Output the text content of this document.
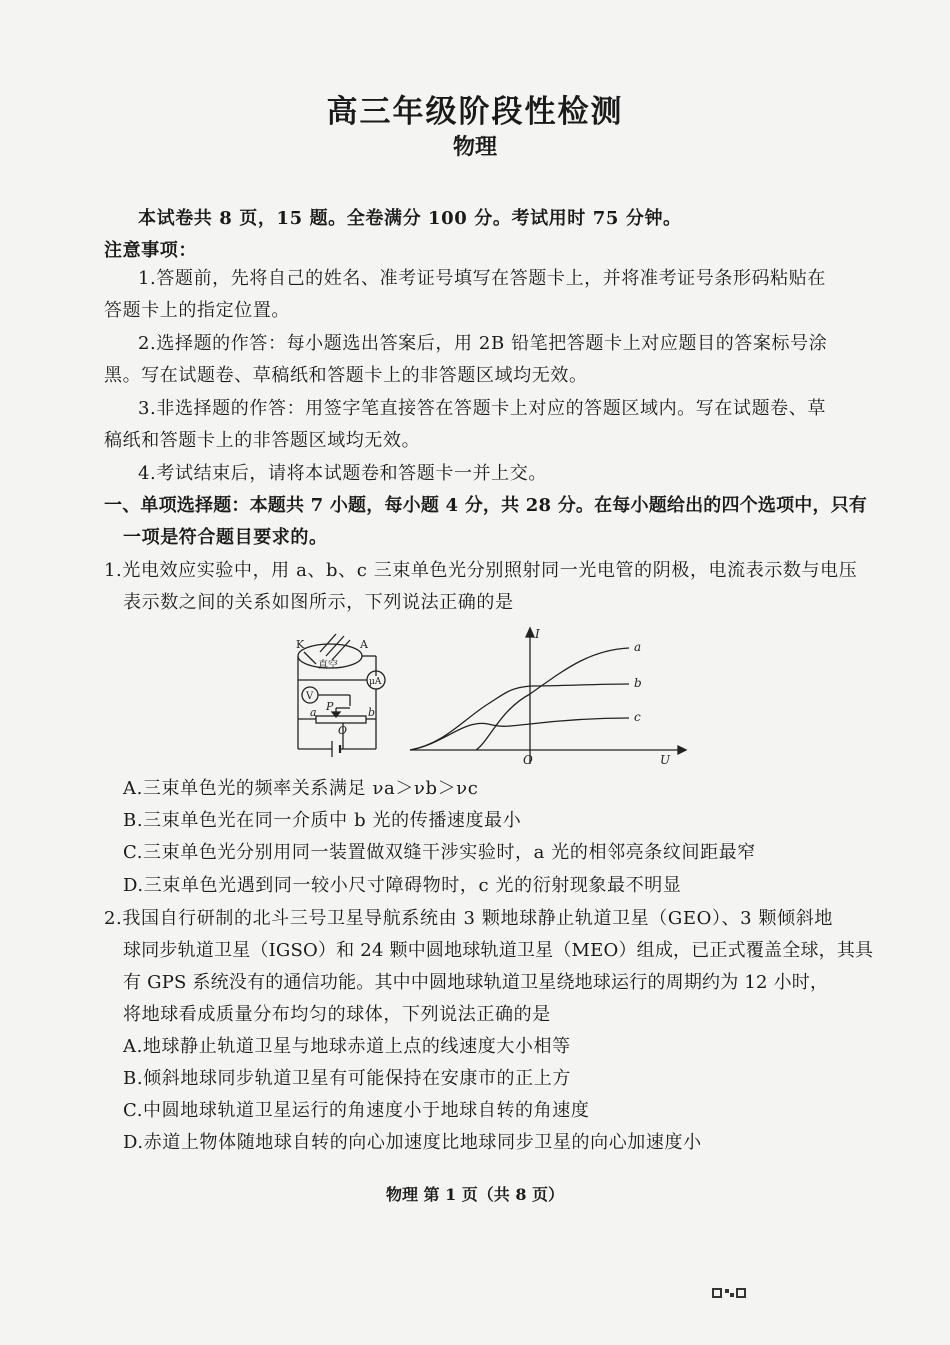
高三年级阶段性检测
物理
本试卷共 8 页，15 题。全卷满分 100 分。考试用时 75 分钟。
注意事项：
1.答题前，先将自己的姓名、准考证号填写在答题卡上，并将准考证号条形码粘贴在
答题卡上的指定位置。
2.选择题的作答：每小题选出答案后，用 2B 铅笔把答题卡上对应题目的答案标号涂
黑。写在试题卷、草稿纸和答题卡上的非答题区域均无效。
3.非选择题的作答：用签字笔直接答在答题卡上对应的答题区域内。写在试题卷、草
稿纸和答题卡上的非答题区域均无效。
4.考试结束后，请将本试题卷和答题卡一并上交。
一、单项选择题：本题共 7 小题，每小题 4 分，共 28 分。在每小题给出的四个选项中，只有
一项是符合题目要求的。
1.光电效应实验中，用 a、b、c 三束单色光分别照射同一光电管的阴极，电流表示数与电压
表示数之间的关系如图所示，下列说法正确的是
K	A
真空
V
μA
P
a	b
O
I
U
O
a
b
c
A.三束单色光的频率关系满足 νa＞νb＞νc
B.三束单色光在同一介质中 b 光的传播速度最小
C.三束单色光分别用同一装置做双缝干涉实验时，a 光的相邻亮条纹间距最窄
D.三束单色光遇到同一较小尺寸障碍物时，c 光的衍射现象最不明显
2.我国自行研制的北斗三号卫星导航系统由 3 颗地球静止轨道卫星（GEO）、3 颗倾斜地
球同步轨道卫星（IGSO）和 24 颗中圆地球轨道卫星（MEO）组成，已正式覆盖全球，其具
有 GPS 系统没有的通信功能。其中中圆地球轨道卫星绕地球运行的周期约为 12 小时，
将地球看成质量分布均匀的球体，下列说法正确的是
A.地球静止轨道卫星与地球赤道上点的线速度大小相等
B.倾斜地球同步轨道卫星有可能保持在安康市的正上方
C.中圆地球轨道卫星运行的角速度小于地球自转的角速度
D.赤道上物体随地球自转的向心加速度比地球同步卫星的向心加速度小
物理 第 1 页（共 8 页）
